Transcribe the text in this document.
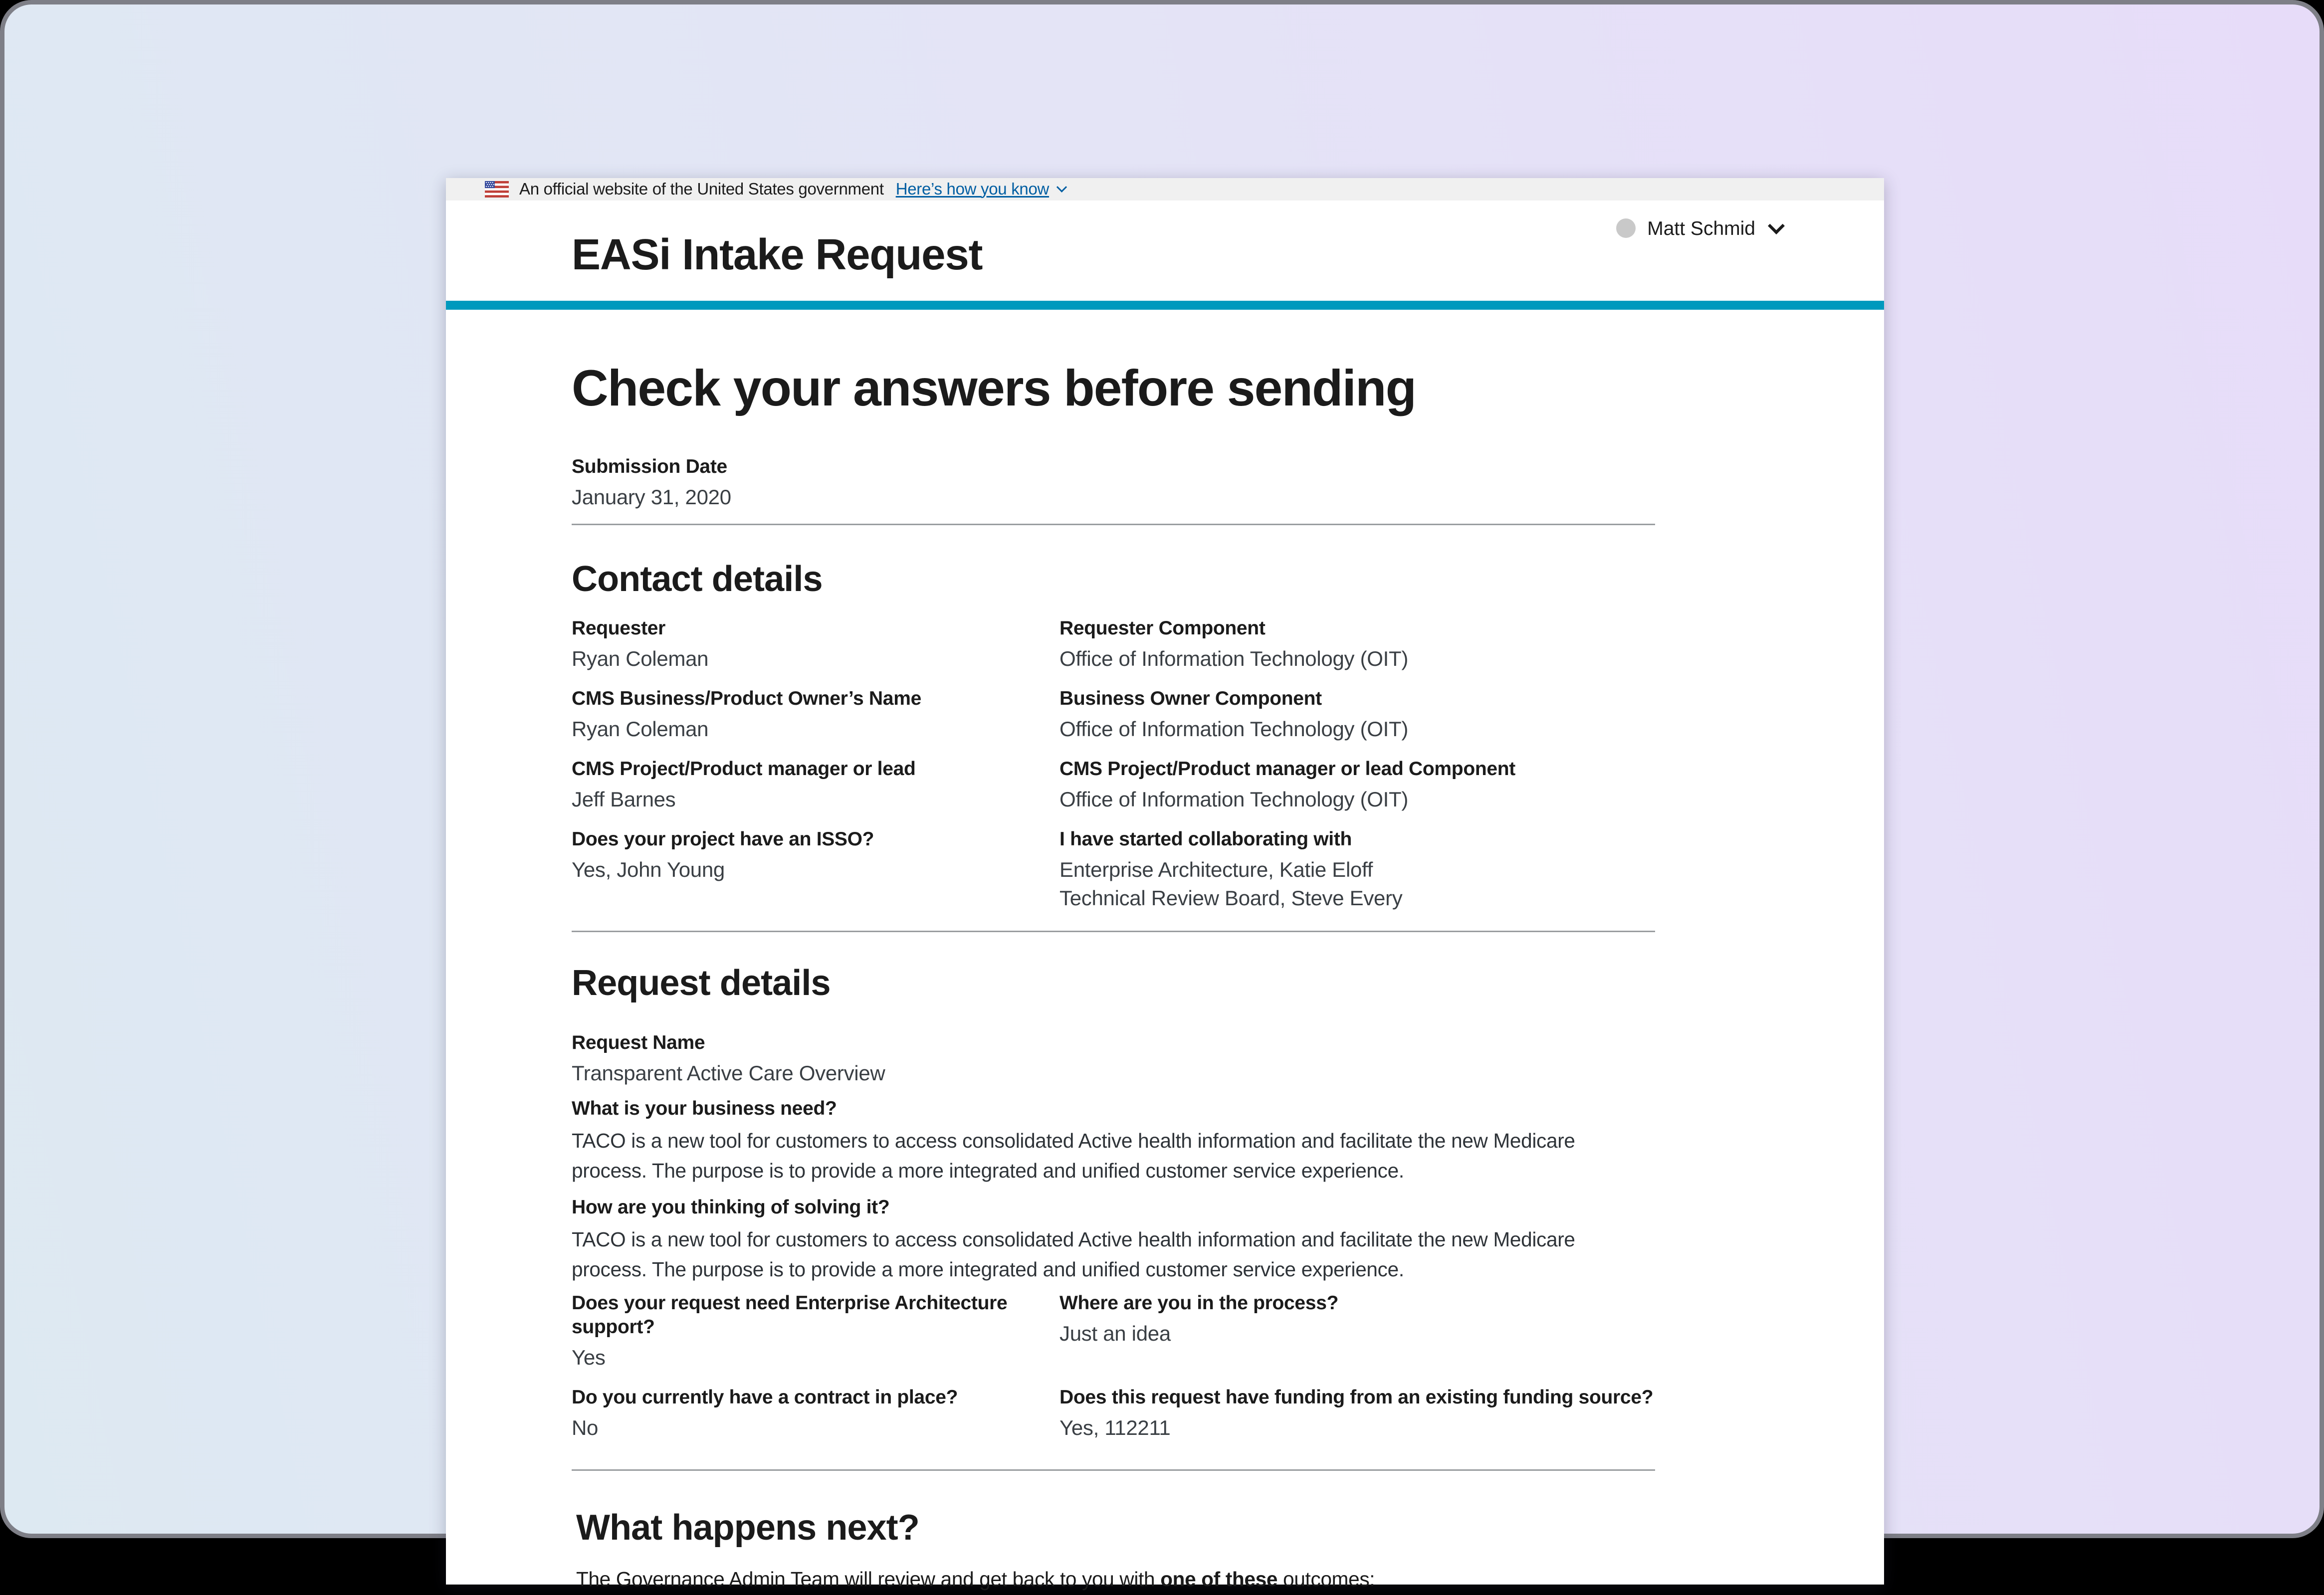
An official website of the United States government Here’s how you know
EASi Intake Request
Matt Schmid
Check your answers before sending
Submission Date
January 31, 2020
Contact details
Requester
Ryan Coleman
Requester Component
Office of Information Technology (OIT)
CMS Business/Product Owner’s Name
Ryan Coleman
Business Owner Component
Office of Information Technology (OIT)
CMS Project/Product manager or lead
Jeff Barnes
CMS Project/Product manager or lead Component
Office of Information Technology (OIT)
Does your project have an ISSO?
Yes, John Young
I have started collaborating with
Enterprise Architecture, Katie Eloff
Technical Review Board, Steve Every
Request details
Request Name
Transparent Active Care Overview
What is your business need?
TACO is a new tool for customers to access consolidated Active health information and facilitate the new Medicare
process. The purpose is to provide a more integrated and unified customer service experience.
How are you thinking of solving it?
TACO is a new tool for customers to access consolidated Active health information and facilitate the new Medicare
process. The purpose is to provide a more integrated and unified customer service experience.
Does your request need Enterprise Architecture support?
Yes
Where are you in the process?
Just an idea
Do you currently have a contract in place?
No
Does this request have funding from an existing funding source?
Yes, 112211
What happens next?
The Governance Admin Team will review and get back to you with one of these outcomes:
